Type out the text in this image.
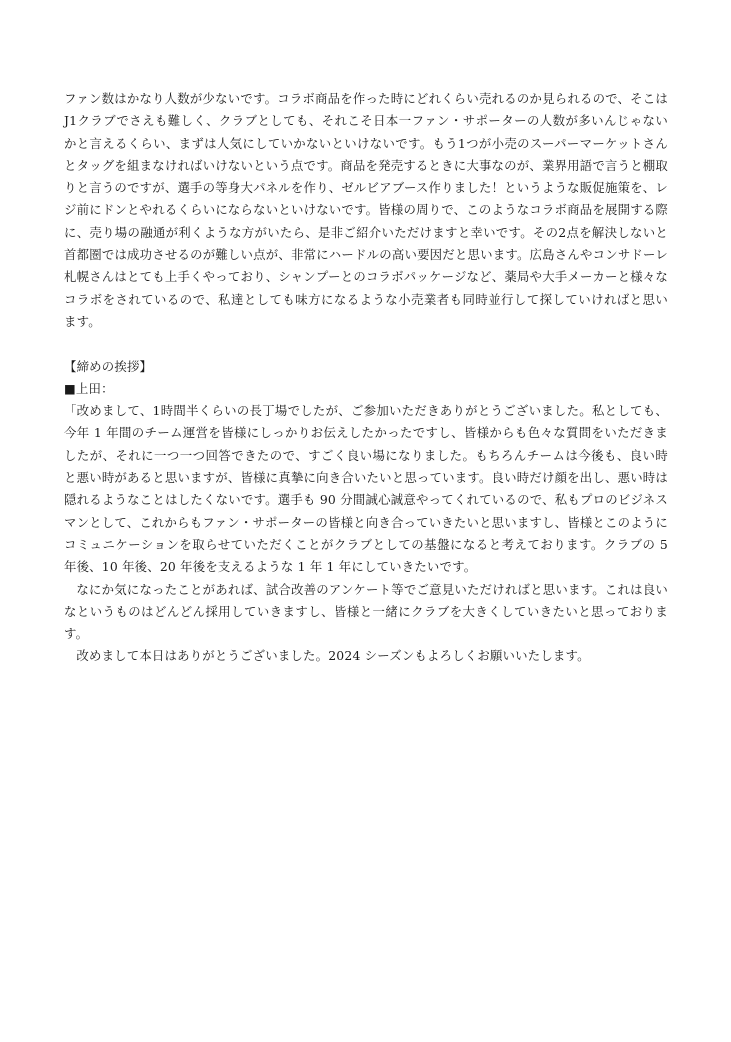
ファン数はかなり人数が少ないです。コラボ商品を作った時にどれくらい売れるのか見られるので、そこはJ1クラブでさえも難しく、クラブとしても、それこそ日本一ファン・サポーターの人数が多いんじゃないかと言えるくらい、まずは人気にしていかないといけないです。もう1つが小売のスーパーマーケットさんとタッグを組まなければいけないという点です。商品を発売するときに大事なのが、業界用語で言うと棚取りと言うのですが、選手の等身大パネルを作り、ゼルビアブース作りました！というような販促施策を、レジ前にドンとやれるくらいにならないといけないです。皆様の周りで、このようなコラボ商品を展開する際に、売り場の融通が利くような方がいたら、是非ご紹介いただけますと幸いです。その2点を解決しないと首都圏では成功させるのが難しい点が、非常にハードルの高い要因だと思います。広島さんやコンサドーレ札幌さんはとても上手くやっており、シャンプーとのコラボパッケージなど、薬局や大手メーカーと様々なコラボをされているので、私達としても味方になるような小売業者も同時並行して探していければと思います。

【締めの挨拶】

■上田：

「改めまして、1時間半くらいの長丁場でしたが、ご参加いただきありがとうございました。私としても、今年 1 年間のチーム運営を皆様にしっかりお伝えしたかったですし、皆様からも色々な質問をいただきましたが、それに一つ一つ回答できたので、すごく良い場になりました。もちろんチームは今後も、良い時と悪い時があると思いますが、皆様に真摯に向き合いたいと思っています。良い時だけ顔を出し、悪い時は隠れるようなことはしたくないです。選手も 90 分間誠心誠意やってくれているので、私もプロのビジネスマンとして、これからもファン・サポーターの皆様と向き合っていきたいと思いますし、皆様とこのようにコミュニケーションを取らせていただくことがクラブとしての基盤になると考えております。クラブの 5 年後、10 年後、20 年後を支えるような 1 年 1 年にしていきたいです。

なにか気になったことがあれば、試合改善のアンケート等でご意見いただければと思います。これは良いなというものはどんどん採用していきますし、皆様と一緒にクラブを大きくしていきたいと思っております。

改めまして本日はありがとうございました。2024 シーズンもよろしくお願いいたします。
